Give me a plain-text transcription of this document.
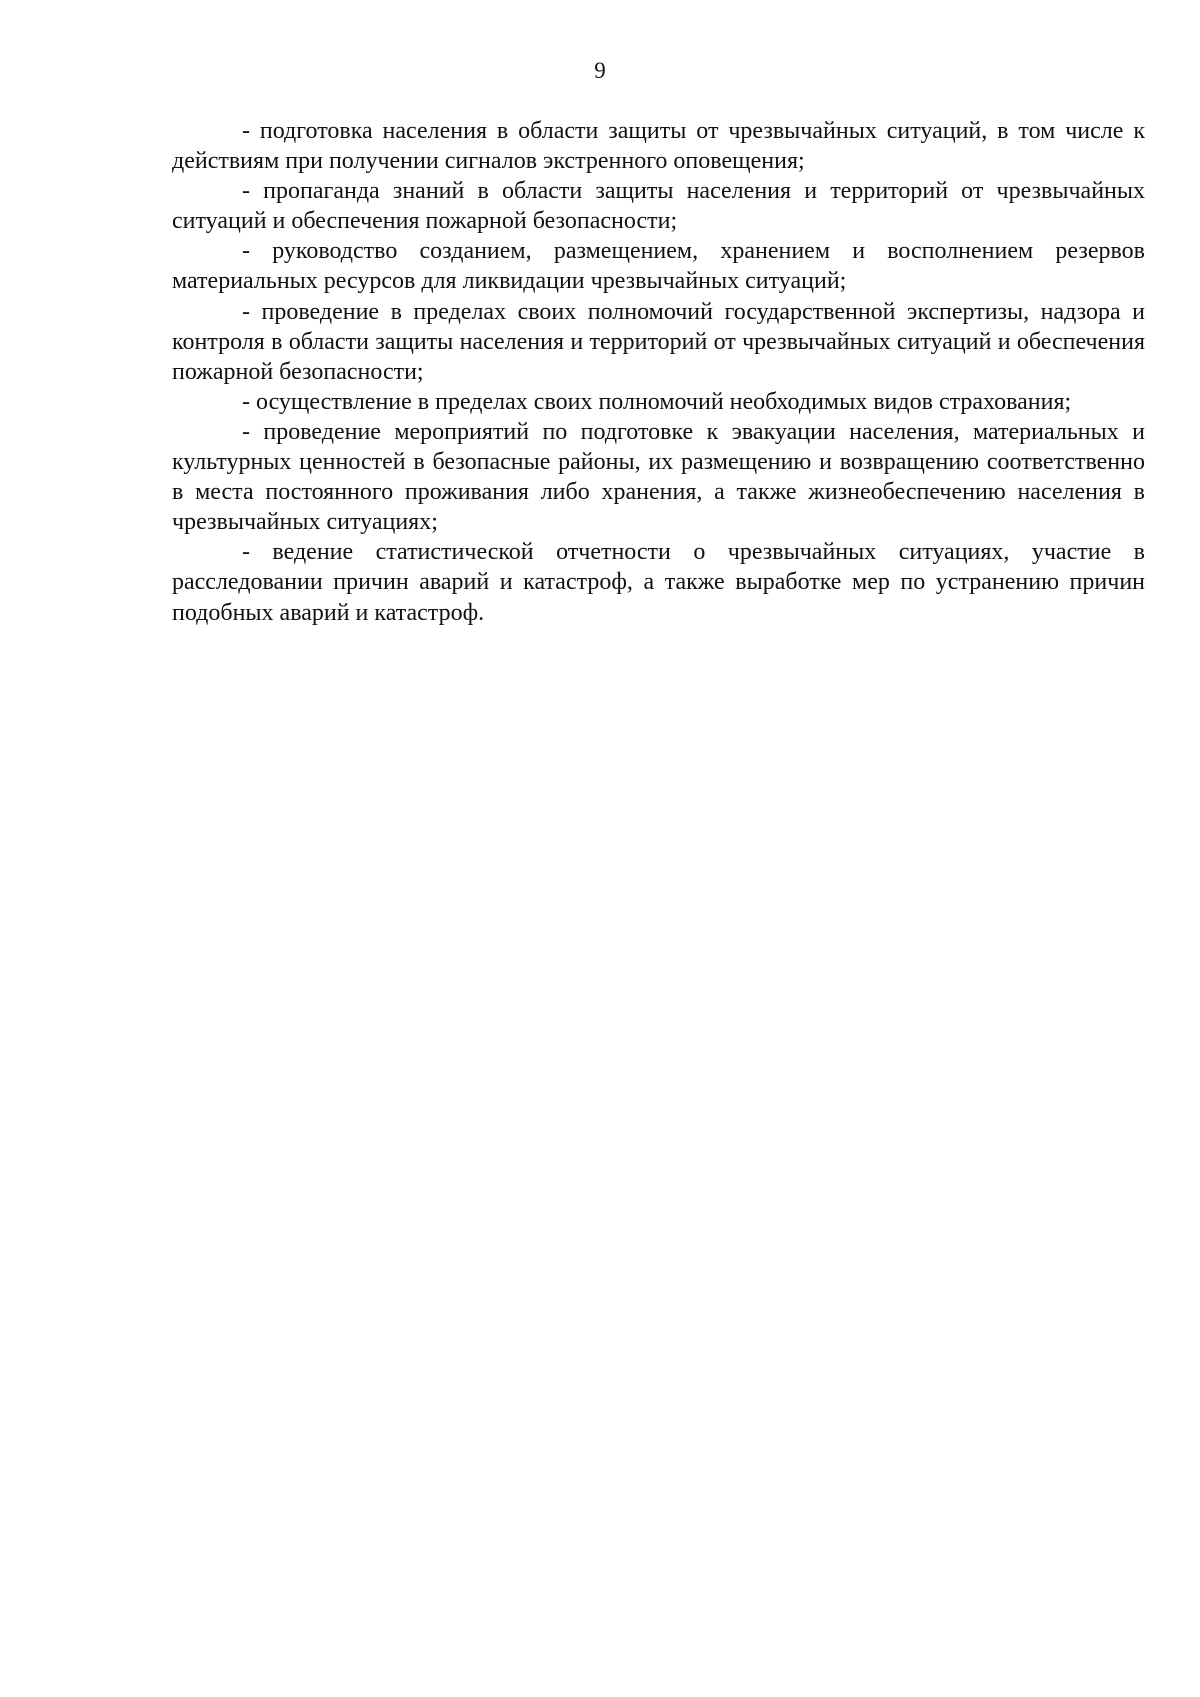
9

- подготовка населения в области защиты от чрезвычайных ситуаций, в том числе к действиям при получении сигналов экстренного оповещения;

- пропаганда знаний в области защиты населения и территорий от чрезвычайных ситуаций и обеспечения пожарной безопасности;

- руководство созданием, размещением, хранением и восполнением резервов материальных ресурсов для ликвидации чрезвычайных ситуаций;

- проведение в пределах своих полномочий государственной экспертизы, надзора и контроля в области защиты населения и территорий от чрезвычайных ситуаций и обеспечения пожарной безопасности;

- осуществление в пределах своих полномочий необходимых видов страхования;

- проведение мероприятий по подготовке к эвакуации населения, материальных и культурных ценностей в безопасные районы, их размещению и возвращению соответственно в места постоянного проживания либо хранения, а также жизнеобеспечению населения в чрезвычайных ситуациях;

- ведение статистической отчетности о чрезвычайных ситуациях, участие в расследовании причин аварий и катастроф, а также выработке мер по устранению причин подобных аварий и катастроф.
